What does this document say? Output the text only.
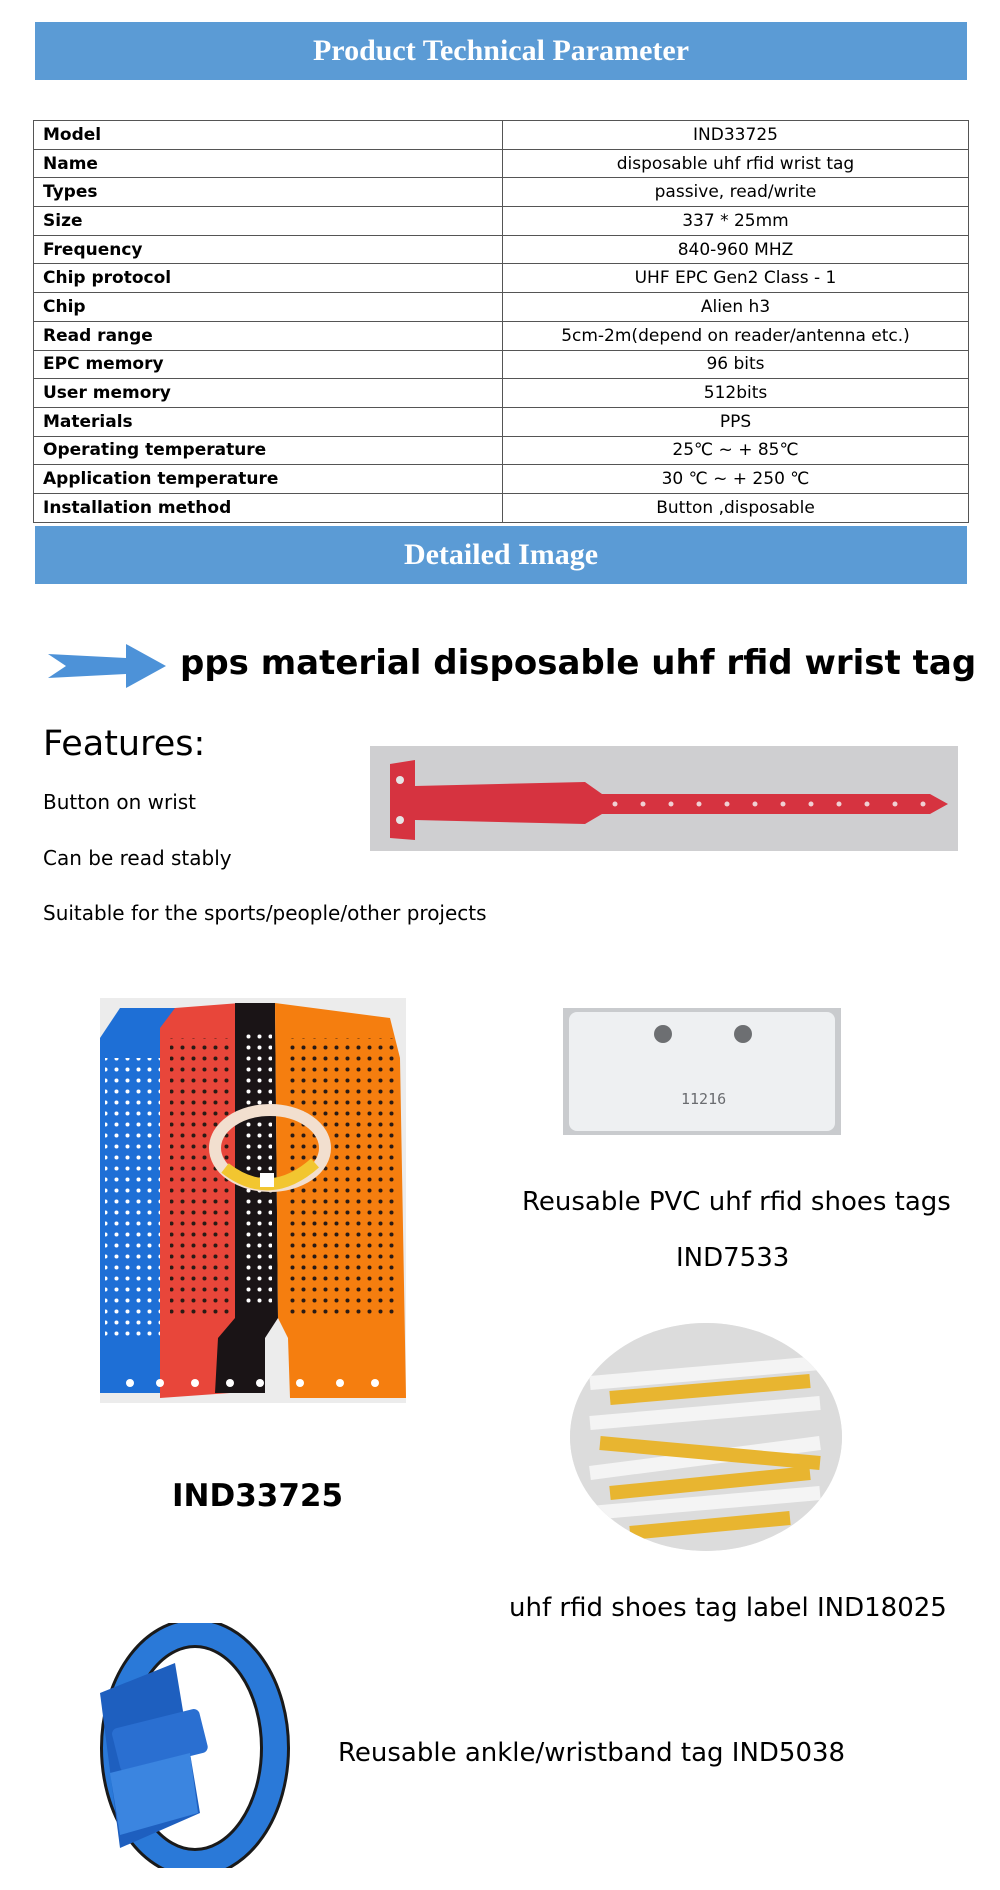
Product Technical Parameter
Model	IND33725
Name	disposable uhf rfid wrist tag
Types	passive, read/write
Size	337 * 25mm
Frequency	840-960 MHZ
Chip protocol	UHF EPC Gen2 Class - 1
Chip	Alien h3
Read range	5cm-2m(depend on reader/antenna etc.)
EPC memory	96 bits
User memory	512bits
Materials	PPS
Operating temperature	25℃ ~ + 85℃
Application temperature	30 ℃ ~ + 250 ℃
Installation method	Button ,disposable
Detailed Image
pps material disposable uhf rfid wrist tag
Features:
Button on wrist
Can be read stably
Suitable for the sports/people/other projects
IND33725
11216
Reusable PVC uhf rfid shoes tags
IND7533
uhf rfid shoes tag label IND18025
Reusable ankle/wristband tag IND5038
